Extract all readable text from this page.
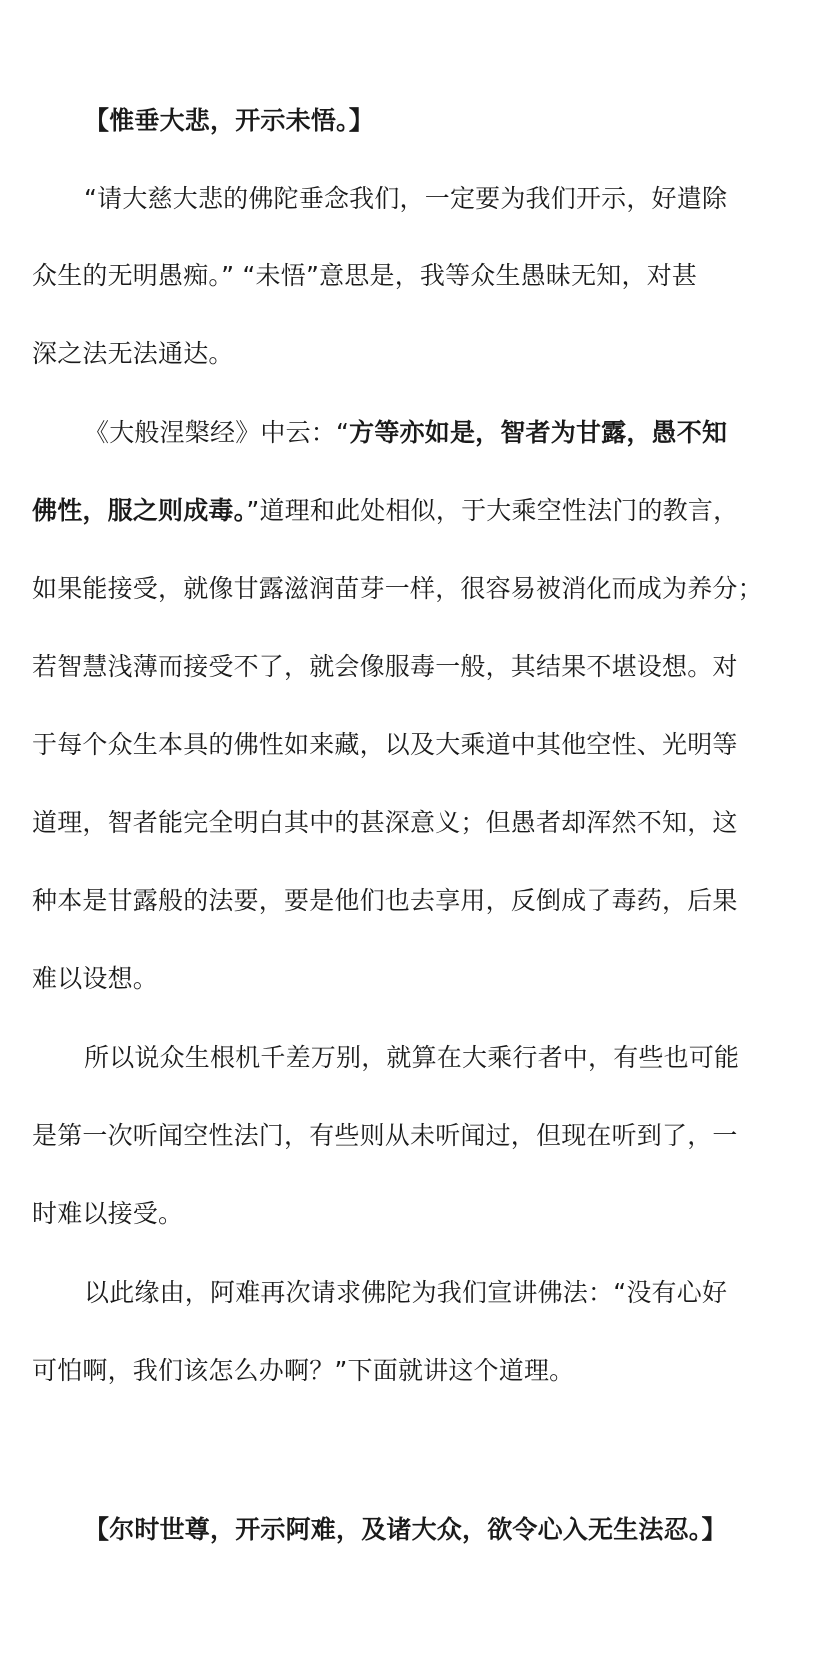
【惟垂大悲，开示未悟。】
“请大慈大悲的佛陀垂念我们，一定要为我们开示，好遣除
众生的无明愚痴。” “未悟”意思是，我等众生愚昧无知，对甚
深之法无法通达。
《大般涅槃经》中云：“方等亦如是，智者为甘露，愚不知
佛性，服之则成毒。”道理和此处相似，于大乘空性法门的教言，
如果能接受，就像甘露滋润苗芽一样，很容易被消化而成为养分；
若智慧浅薄而接受不了，就会像服毒一般，其结果不堪设想。对
于每个众生本具的佛性如来藏，以及大乘道中其他空性、光明等
道理，智者能完全明白其中的甚深意义；但愚者却浑然不知，这
种本是甘露般的法要，要是他们也去享用，反倒成了毒药，后果
难以设想。
所以说众生根机千差万别，就算在大乘行者中，有些也可能
是第一次听闻空性法门，有些则从未听闻过，但现在听到了，一
时难以接受。
以此缘由，阿难再次请求佛陀为我们宣讲佛法：“没有心好
可怕啊，我们该怎么办啊？”下面就讲这个道理。
【尔时世尊，开示阿难，及诸大众，欲令心入无生法忍。】
